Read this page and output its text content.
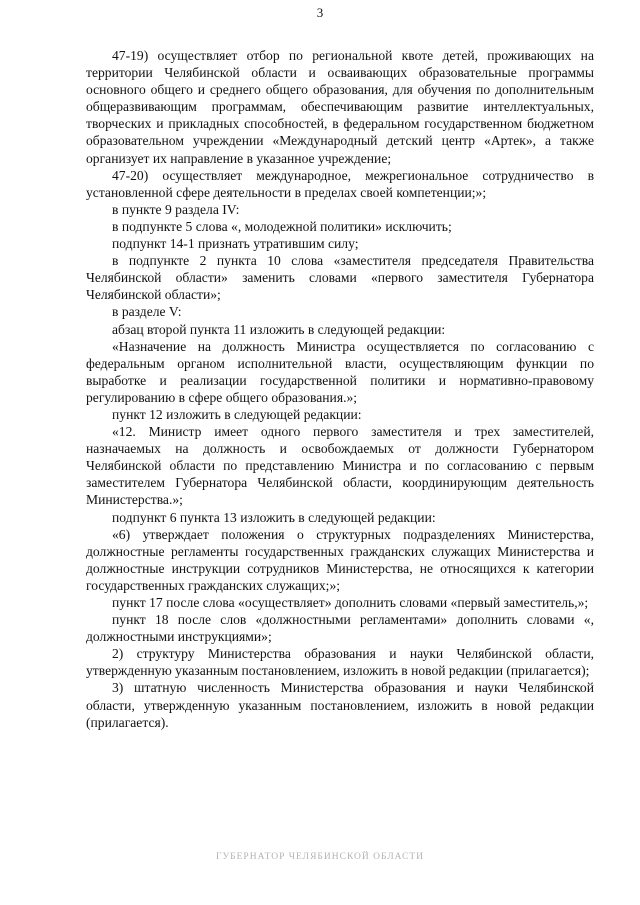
3

47-19) осуществляет отбор по региональной квоте детей, проживающих на территории Челябинской области и осваивающих образовательные программы основного общего и среднего общего образования, для обучения по дополнительным общеразвивающим программам, обеспечивающим развитие интеллектуальных, творческих и прикладных способностей, в федеральном государственном бюджетном образовательном учреждении «Международный детский центр «Артек», а также организует их направление в указанное учреждение;

47-20) осуществляет международное, межрегиональное сотрудничество в установленной сфере деятельности в пределах своей компетенции;»;

в пункте 9 раздела IV:

в подпункте 5 слова «, молодежной политики» исключить;

подпункт 14-1 признать утратившим силу;

в подпункте 2 пункта 10 слова «заместителя председателя Правительства Челябинской области» заменить словами «первого заместителя Губернатора Челябинской области»;

в разделе V:

абзац второй пункта 11 изложить в следующей редакции:

«Назначение на должность Министра осуществляется по согласованию с федеральным органом исполнительной власти, осуществляющим функции по выработке и реализации государственной политики и нормативно-правовому регулированию в сфере общего образования.»;

пункт 12 изложить в следующей редакции:

«12. Министр имеет одного первого заместителя и трех заместителей, назначаемых на должность и освобождаемых от должности Губернатором Челябинской области по представлению Министра и по согласованию с первым заместителем Губернатора Челябинской области, координирующим деятельность Министерства.»;

подпункт 6 пункта 13 изложить в следующей редакции:

«6) утверждает положения о структурных подразделениях Министерства, должностные регламенты государственных гражданских служащих Министерства и должностные инструкции сотрудников Министерства, не относящихся к категории государственных гражданских служащих;»;

пункт 17 после слова «осуществляет» дополнить словами «первый заместитель,»;

пункт 18 после слов «должностными регламентами» дополнить словами «, должностными инструкциями»;

2) структуру Министерства образования и науки Челябинской области, утвержденную указанным постановлением, изложить в новой редакции (прилагается);

3) штатную численность Министерства образования и науки Челябинской области, утвержденную указанным постановлением, изложить в новой редакции (прилагается).

ГУБЕРНАТОР ЧЕЛЯБИНСКОЙ ОБЛАСТИ
